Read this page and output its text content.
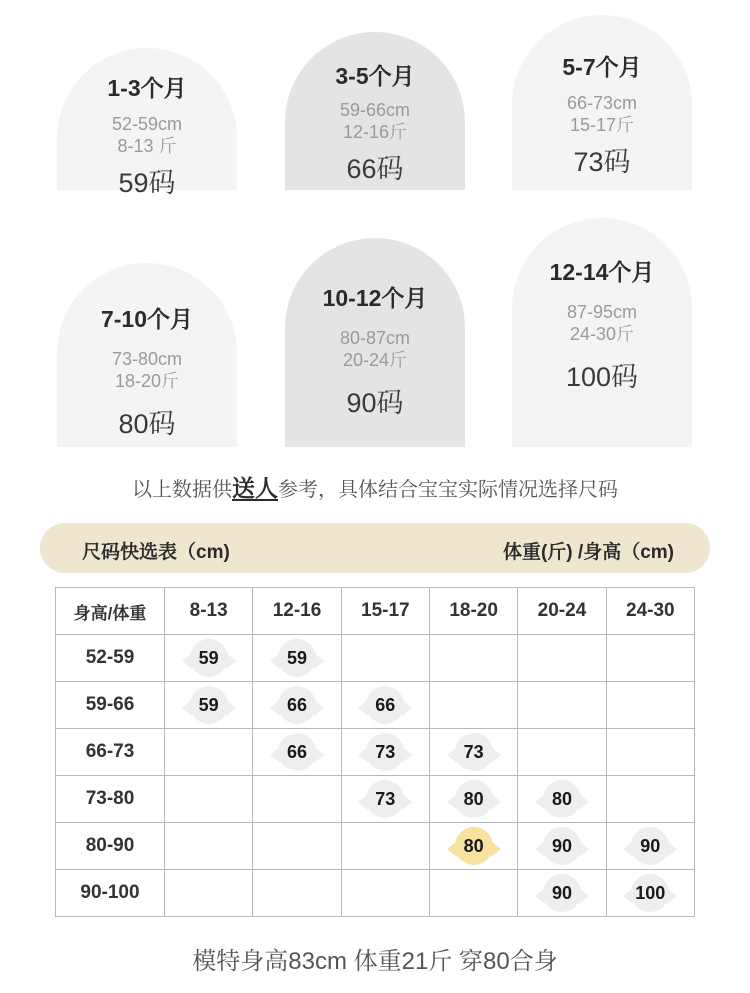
1-3个月
52-59cm
8-13 斤
59码
3-5个月
59-66cm
12-16斤
66码
5-7个月
66-73cm
15-17斤
73码
7-10个月
73-80cm
18-20斤
80码
10-12个月
80-87cm
20-24斤
90码
12-14个月
87-95cm
24-30斤
100码
以上数据供送人参考，具体结合宝宝实际情况选择尺码
尺码快选表（cm)	体重(斤) /身高（cm)
身高/体重	8-13	12-16	15-17	18-20	20-24	24-30
52-59	59	59				
59-66	59	66	66			
66-73		66	73	73		
73-80			73	80	80	
80-90				80	90	90
90-100					90	100
模特身高83cm 体重21斤 穿80合身
